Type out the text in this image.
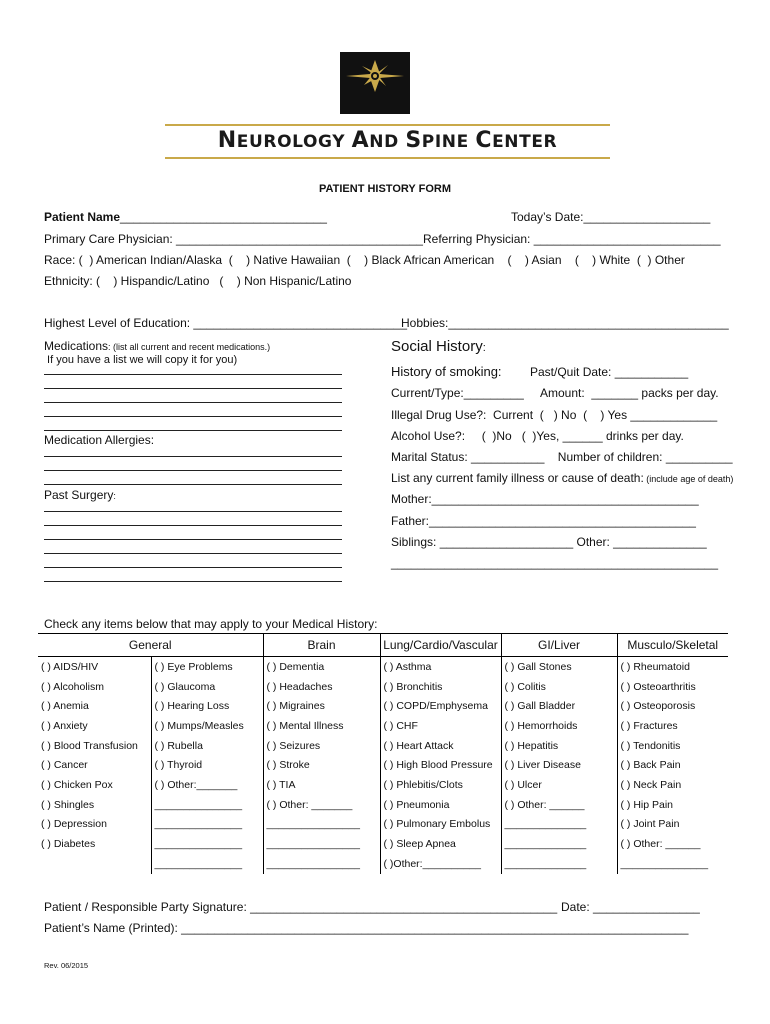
NEUROLOGY AND SPINE CENTER
PATIENT HISTORY FORM
Patient Name_______________________________	Today’s Date:___________________
Primary Care Physician: _____________________________________ Referring Physician: ____________________________
Race: (  ) American Indian/Alaska  (    ) Native Hawaiian  (    ) Black African American    (    ) Asian    (    ) White  (  ) Other
Ethnicity: (    ) Hispandic/Latino   (    ) Non Hispanic/Latino
Highest Level of Education: ________________________________
Hobbies:__________________________________________
Medications: (list all current and recent medications.)
If you have a list we will copy it for you)
Medication Allergies:
Past Surgery:
Social History:
History of smoking: Past/Quit Date: ___________
Current/Type:_________ Amount:  _______ packs per day.
Illegal Drug Use?:  Current  (   ) No  (    ) Yes _____________
Alcohol Use?:     (  )No   (  )Yes, ______ drinks per day.
Marital Status: ___________    Number of children: __________
List any current family illness or cause of death: (include age of death)
Mother:________________________________________
Father:________________________________________
Siblings: ____________________ Other: ______________
_________________________________________________
Check any items below that may apply to your Medical History:
General		Brain	Lung/Cardio/Vascular	GI/Liver	Musculo/Skeletal
( ) AIDS/HIV	( ) Eye Problems	( ) Dementia	( ) Asthma	( ) Gall Stones	( ) Rheumatoid
( ) Alcoholism	( ) Glaucoma	( ) Headaches	( ) Bronchitis	( ) Colitis	( ) Osteoarthritis
( ) Anemia	( ) Hearing Loss	( ) Migraines	( ) COPD/Emphysema	( ) Gall Bladder	( ) Osteoporosis
( ) Anxiety	( ) Mumps/Measles	( ) Mental Illness	( ) CHF	( ) Hemorrhoids	( ) Fractures
( ) Blood Transfusion	( ) Rubella	( ) Seizures	( ) Heart Attack	( ) Hepatitis	( ) Tendonitis
( ) Cancer	( ) Thyroid	( ) Stroke	( ) High Blood Pressure	( ) Liver Disease	( ) Back Pain
( ) Chicken Pox	( ) Other:_______	( ) TIA	( ) Phlebitis/Clots	( ) Ulcer	( ) Neck Pain
( ) Shingles	_______________	( ) Other: _______	( ) Pneumonia	( ) Other: ______	( ) Hip Pain
( ) Depression	_______________	________________	( ) Pulmonary Embolus	______________	( ) Joint Pain
( ) Diabetes	_______________	________________	( ) Sleep Apnea	______________	( ) Other: ______
	_______________	________________	( )Other:__________	______________	_______________
Patient / Responsible Party Signature: ______________________________________________ Date: ________________
Patient’s Name (Printed): ____________________________________________________________________________
Rev. 06/2015
